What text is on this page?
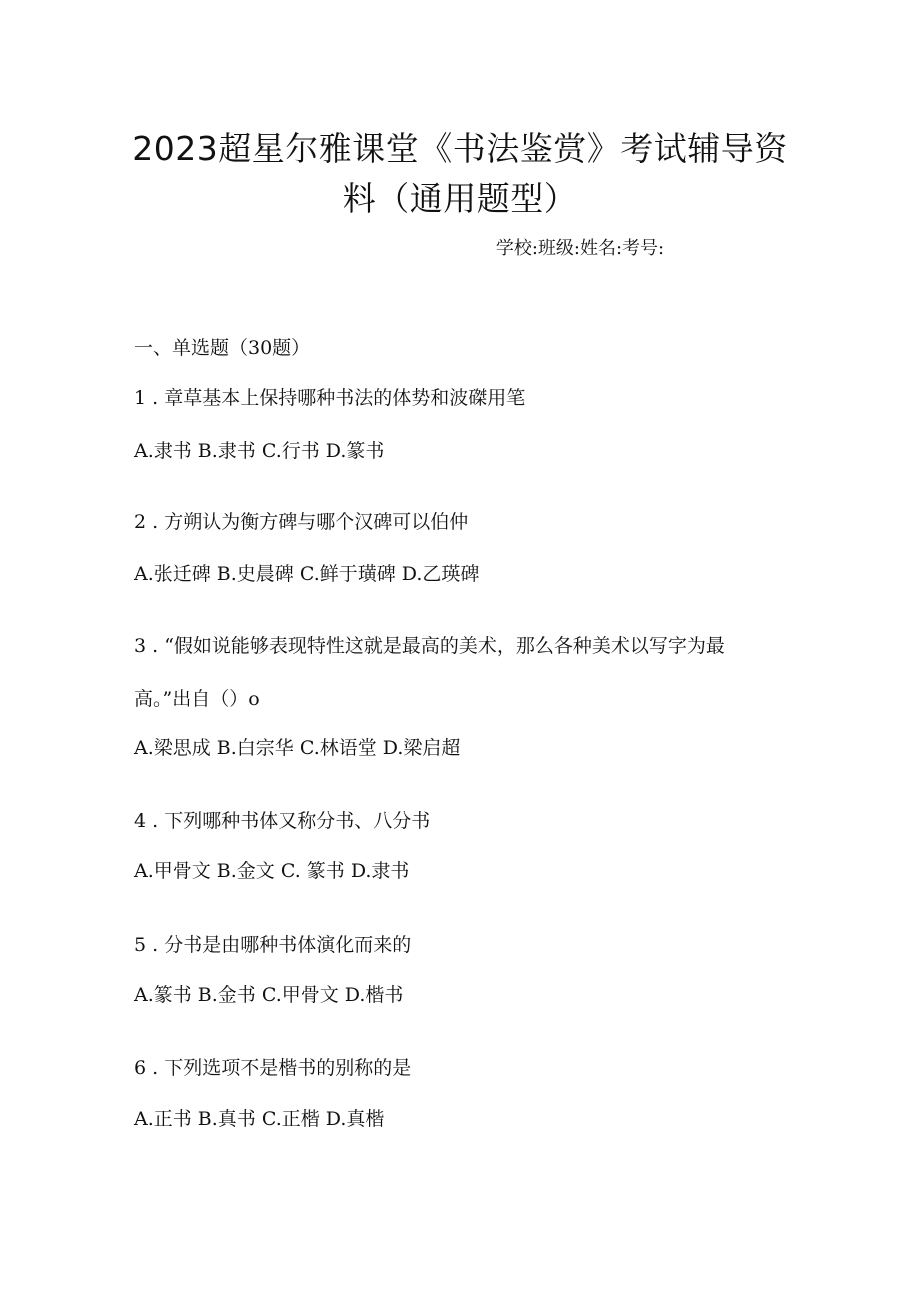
2023超星尔雅课堂《书法鉴赏》考试辅导资
料（通用题型）
学校:班级:姓名:考号:
一、单选题（30题）
1 . 章草基本上保持哪种书法的体势和波磔用笔
A.隶书 B.隶书 C.行书 D.篆书
2 . 方朔认为衡方碑与哪个汉碑可以伯仲
A.张迁碑 B.史晨碑 C.鲜于璜碑 D.乙瑛碑
3 . “假如说能够表现特性这就是最高的美术，那么各种美术以写字为最
高。”出自（）o
A.梁思成 B.白宗华 C.林语堂 D.梁启超
4 . 下列哪种书体又称分书、八分书
A.甲骨文 B.金文 C. 篆书 D.隶书
5 . 分书是由哪种书体演化而来的
A.篆书 B.金书 C.甲骨文 D.楷书
6 . 下列选项不是楷书的别称的是
A.正书 B.真书 C.正楷 D.真楷
